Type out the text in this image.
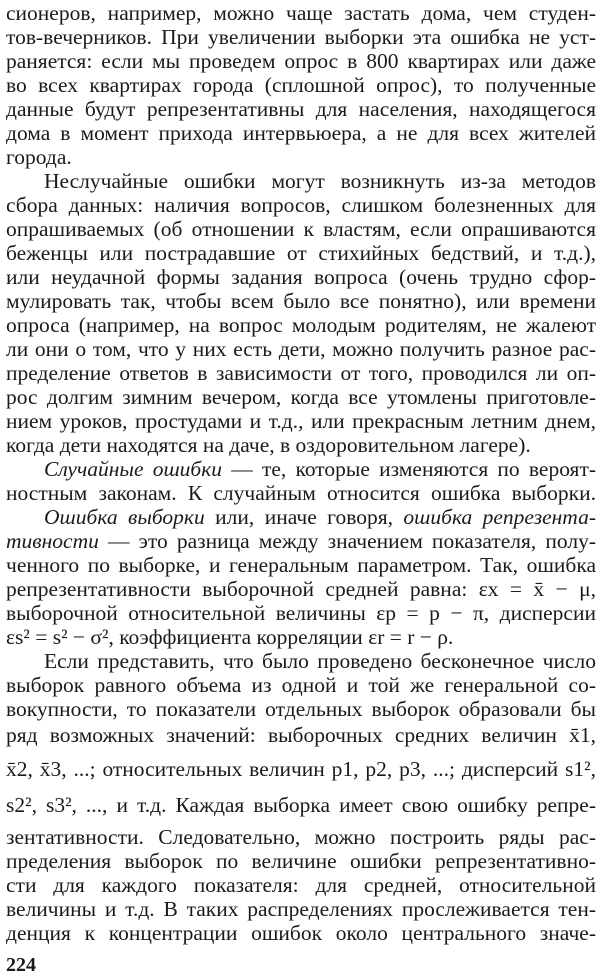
сионеров, например, можно чаще застать дома, чем студен-
тов-вечерников. При увеличении выборки эта ошибка не уст-
раняется: если мы проведем опрос в 800 квартирах или даже
во всех квартирах города (сплошной опрос), то полученные
данные будут репрезентативны для населения, находящегося
дома в момент прихода интервьюера, а не для всех жителей
города.
Неслучайные ошибки могут возникнуть из-за методов
сбора данных: наличия вопросов, слишком болезненных для
опрашиваемых (об отношении к властям, если опрашиваются
беженцы или пострадавшие от стихийных бедствий, и т.д.),
или неудачной формы задания вопроса (очень трудно сфор-
мулировать так, чтобы всем было все понятно), или времени
опроса (например, на вопрос молодым родителям, не жалеют
ли они о том, что у них есть дети, можно получить разное рас-
пределение ответов в зависимости от того, проводился ли оп-
рос долгим зимним вечером, когда все утомлены приготовле-
нием уроков, простудами и т.д., или прекрасным летним днем,
когда дети находятся на даче, в оздоровительном лагере).
Случайные ошибки — те, которые изменяются по вероят-
ностным законам. К случайным относится ошибка выборки.
Ошибка выборки или, иначе говоря, ошибка репрезента-
тивности — это разница между значением показателя, полу-
ченного по выборке, и генеральным параметром. Так, ошибка
репрезентативности выборочной средней равна: εx = x̄ − μ,
выборочной относительной величины εp = p − π, дисперсии
εs² = s² − σ², коэффициента корреляции εr = r − ρ.
Если представить, что было проведено бесконечное число
выборок равного объема из одной и той же генеральной со-
вокупности, то показатели отдельных выборок образовали бы
ряд возможных значений: выборочных средних величин x̄1,
x̄2, x̄3, ...; относительных величин p1, p2, p3, ...; дисперсий s1²,
s2², s3², ..., и т.д. Каждая выборка имеет свою ошибку репре-
зентативности. Следовательно, можно построить ряды рас-
пределения выборок по величине ошибки репрезентативно-
сти для каждого показателя: для средней, относительной
величины и т.д. В таких распределениях прослеживается тен-
денция к концентрации ошибок около центрального значе-
224
